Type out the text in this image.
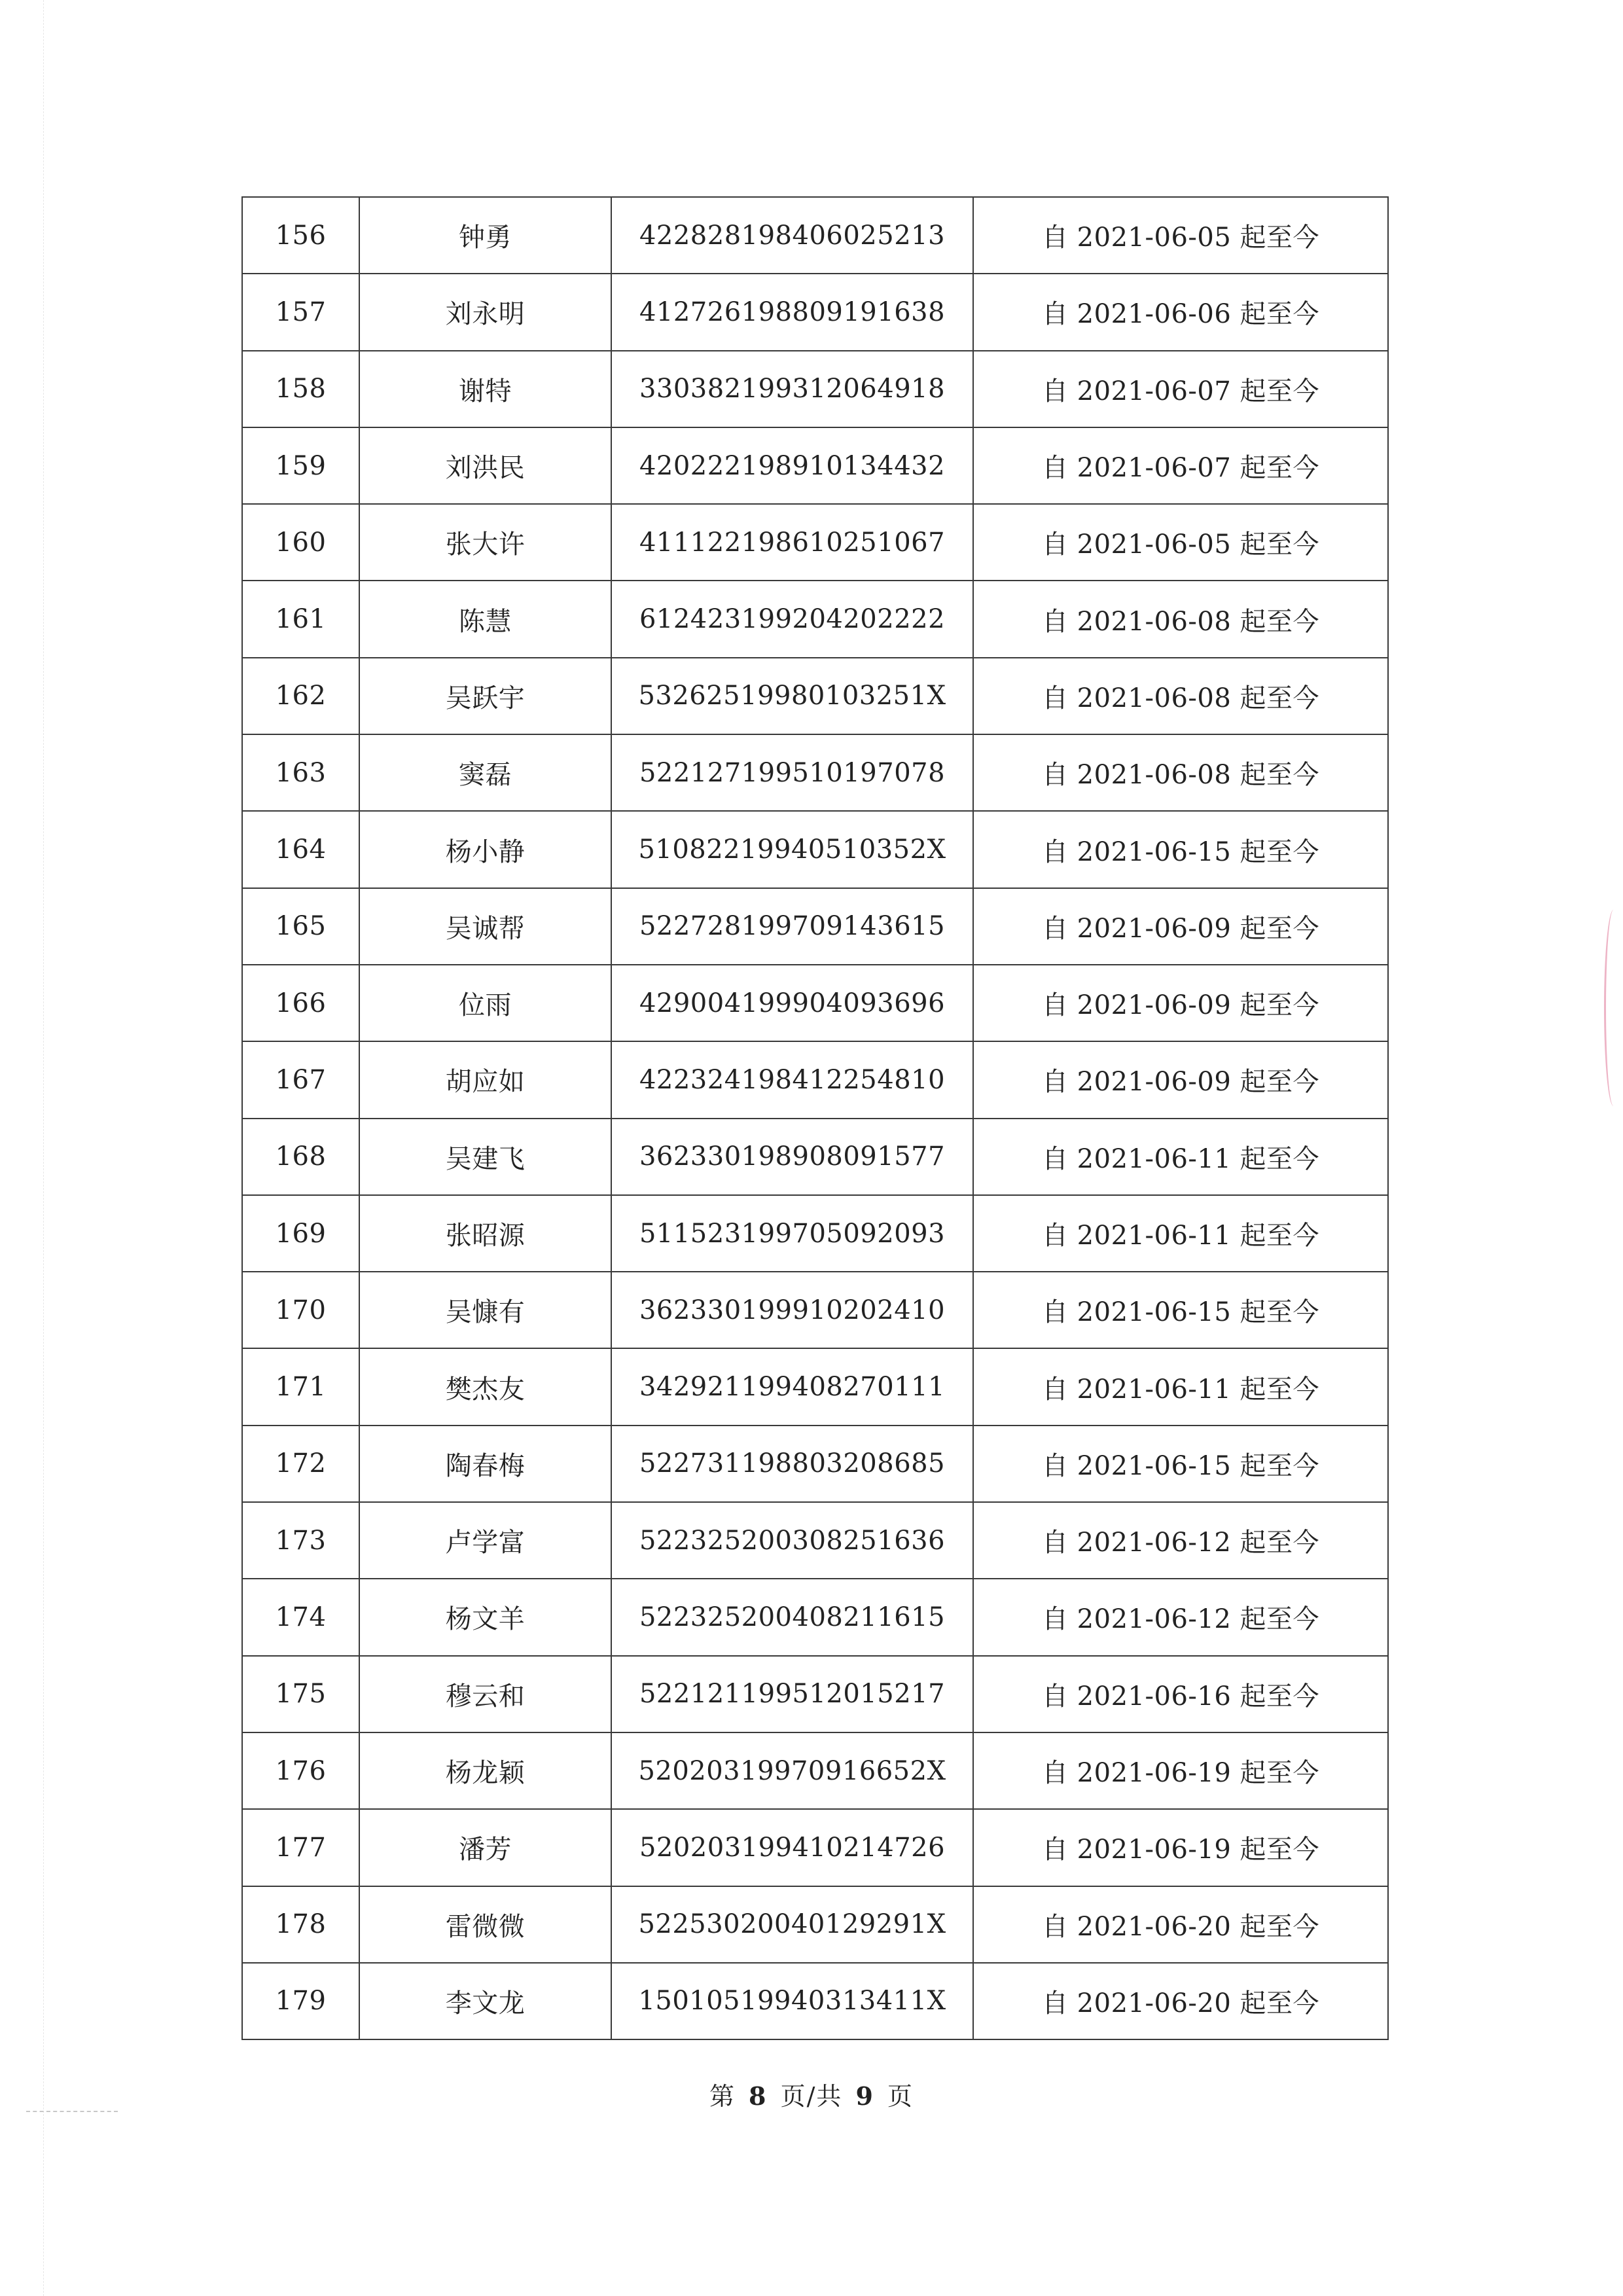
156	钟勇	422828198406025213	自 2021-06-05 起至今
157	刘永明	412726198809191638	自 2021-06-06 起至今
158	谢特	330382199312064918	自 2021-06-07 起至今
159	刘洪民	420222198910134432	自 2021-06-07 起至今
160	张大许	411122198610251067	自 2021-06-05 起至今
161	陈慧	612423199204202222	自 2021-06-08 起至今
162	吴跃宇	53262519980103251X	自 2021-06-08 起至今
163	窦磊	522127199510197078	自 2021-06-08 起至今
164	杨小静	51082219940510352X	自 2021-06-15 起至今
165	吴诚帮	522728199709143615	自 2021-06-09 起至今
166	位雨	429004199904093696	自 2021-06-09 起至今
167	胡应如	422324198412254810	自 2021-06-09 起至今
168	吴建飞	362330198908091577	自 2021-06-11 起至今
169	张昭源	511523199705092093	自 2021-06-11 起至今
170	吴慷有	362330199910202410	自 2021-06-15 起至今
171	樊杰友	342921199408270111	自 2021-06-11 起至今
172	陶春梅	522731198803208685	自 2021-06-15 起至今
173	卢学富	522325200308251636	自 2021-06-12 起至今
174	杨文羊	522325200408211615	自 2021-06-12 起至今
175	穆云和	522121199512015217	自 2021-06-16 起至今
176	杨龙颖	52020319970916652X	自 2021-06-19 起至今
177	潘芳	520203199410214726	自 2021-06-19 起至今
178	雷微微	52253020040129291X	自 2021-06-20 起至今
179	李文龙	15010519940313411X	自 2021-06-20 起至今
第 8 页/共 9 页
